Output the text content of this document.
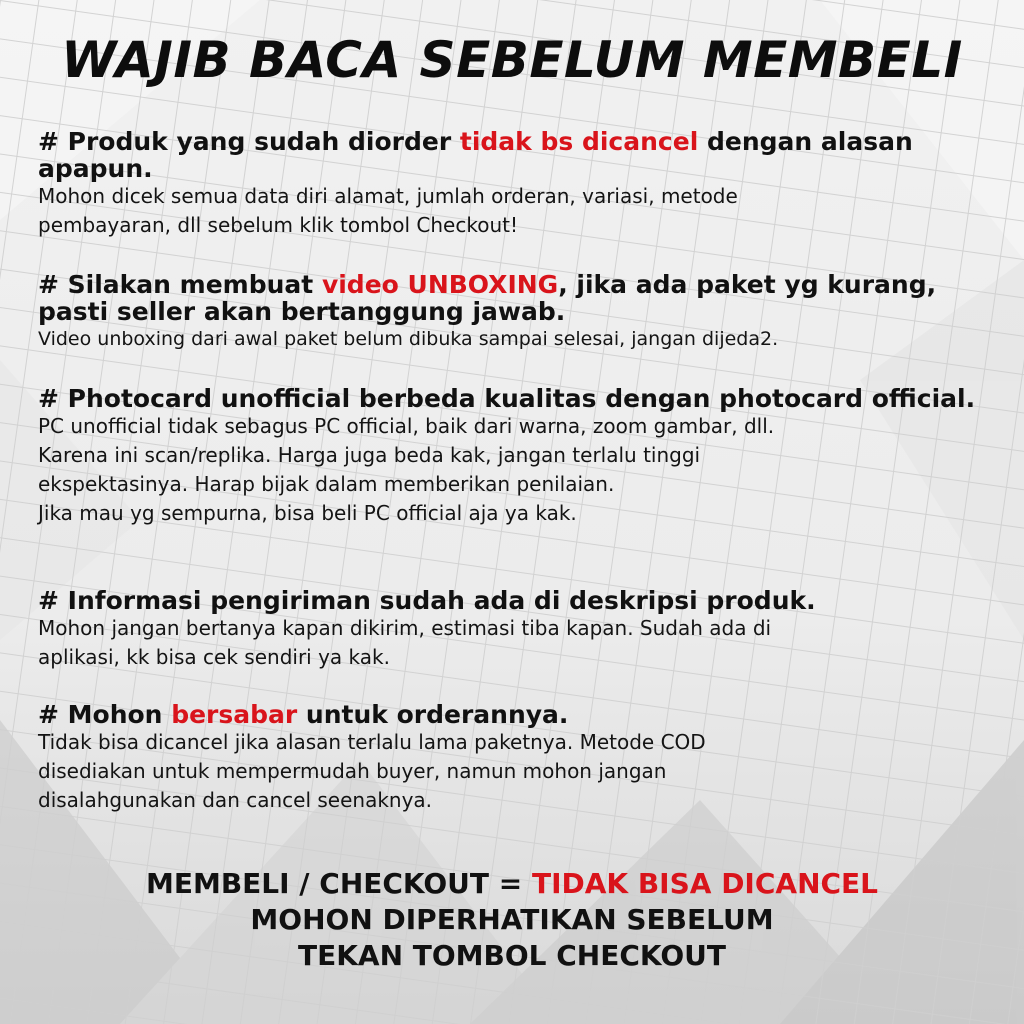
WAJIB BACA SEBELUM MEMBELI

# Produk yang sudah diorder tidak bs dicancel dengan alasan apapun.

Mohon dicek semua data diri alamat, jumlah orderan, variasi, metode
pembayaran, dll sebelum klik tombol Checkout!

# Silakan membuat video UNBOXING, jika ada paket yg kurang, pasti seller akan bertanggung jawab.

Video unboxing dari awal paket belum dibuka sampai selesai, jangan dijeda2.

# Photocard unofficial berbeda kualitas dengan photocard official.

PC unofficial tidak sebagus PC official, baik dari warna, zoom gambar, dll.
Karena ini scan/replika. Harga juga beda kak, jangan terlalu tinggi
ekspektasinya. Harap bijak dalam memberikan penilaian.
Jika mau yg sempurna, bisa beli PC official aja ya kak.

# Informasi pengiriman sudah ada di deskripsi produk.

Mohon jangan bertanya kapan dikirim, estimasi tiba kapan. Sudah ada di
aplikasi, kk bisa cek sendiri ya kak.

# Mohon bersabar untuk orderannya.

Tidak bisa dicancel jika alasan terlalu lama paketnya. Metode COD
disediakan untuk mempermudah buyer, namun mohon jangan
disalahgunakan dan cancel seenaknya.

MEMBELI / CHECKOUT = TIDAK BISA DICANCEL
MOHON DIPERHATIKAN SEBELUM
TEKAN TOMBOL CHECKOUT
